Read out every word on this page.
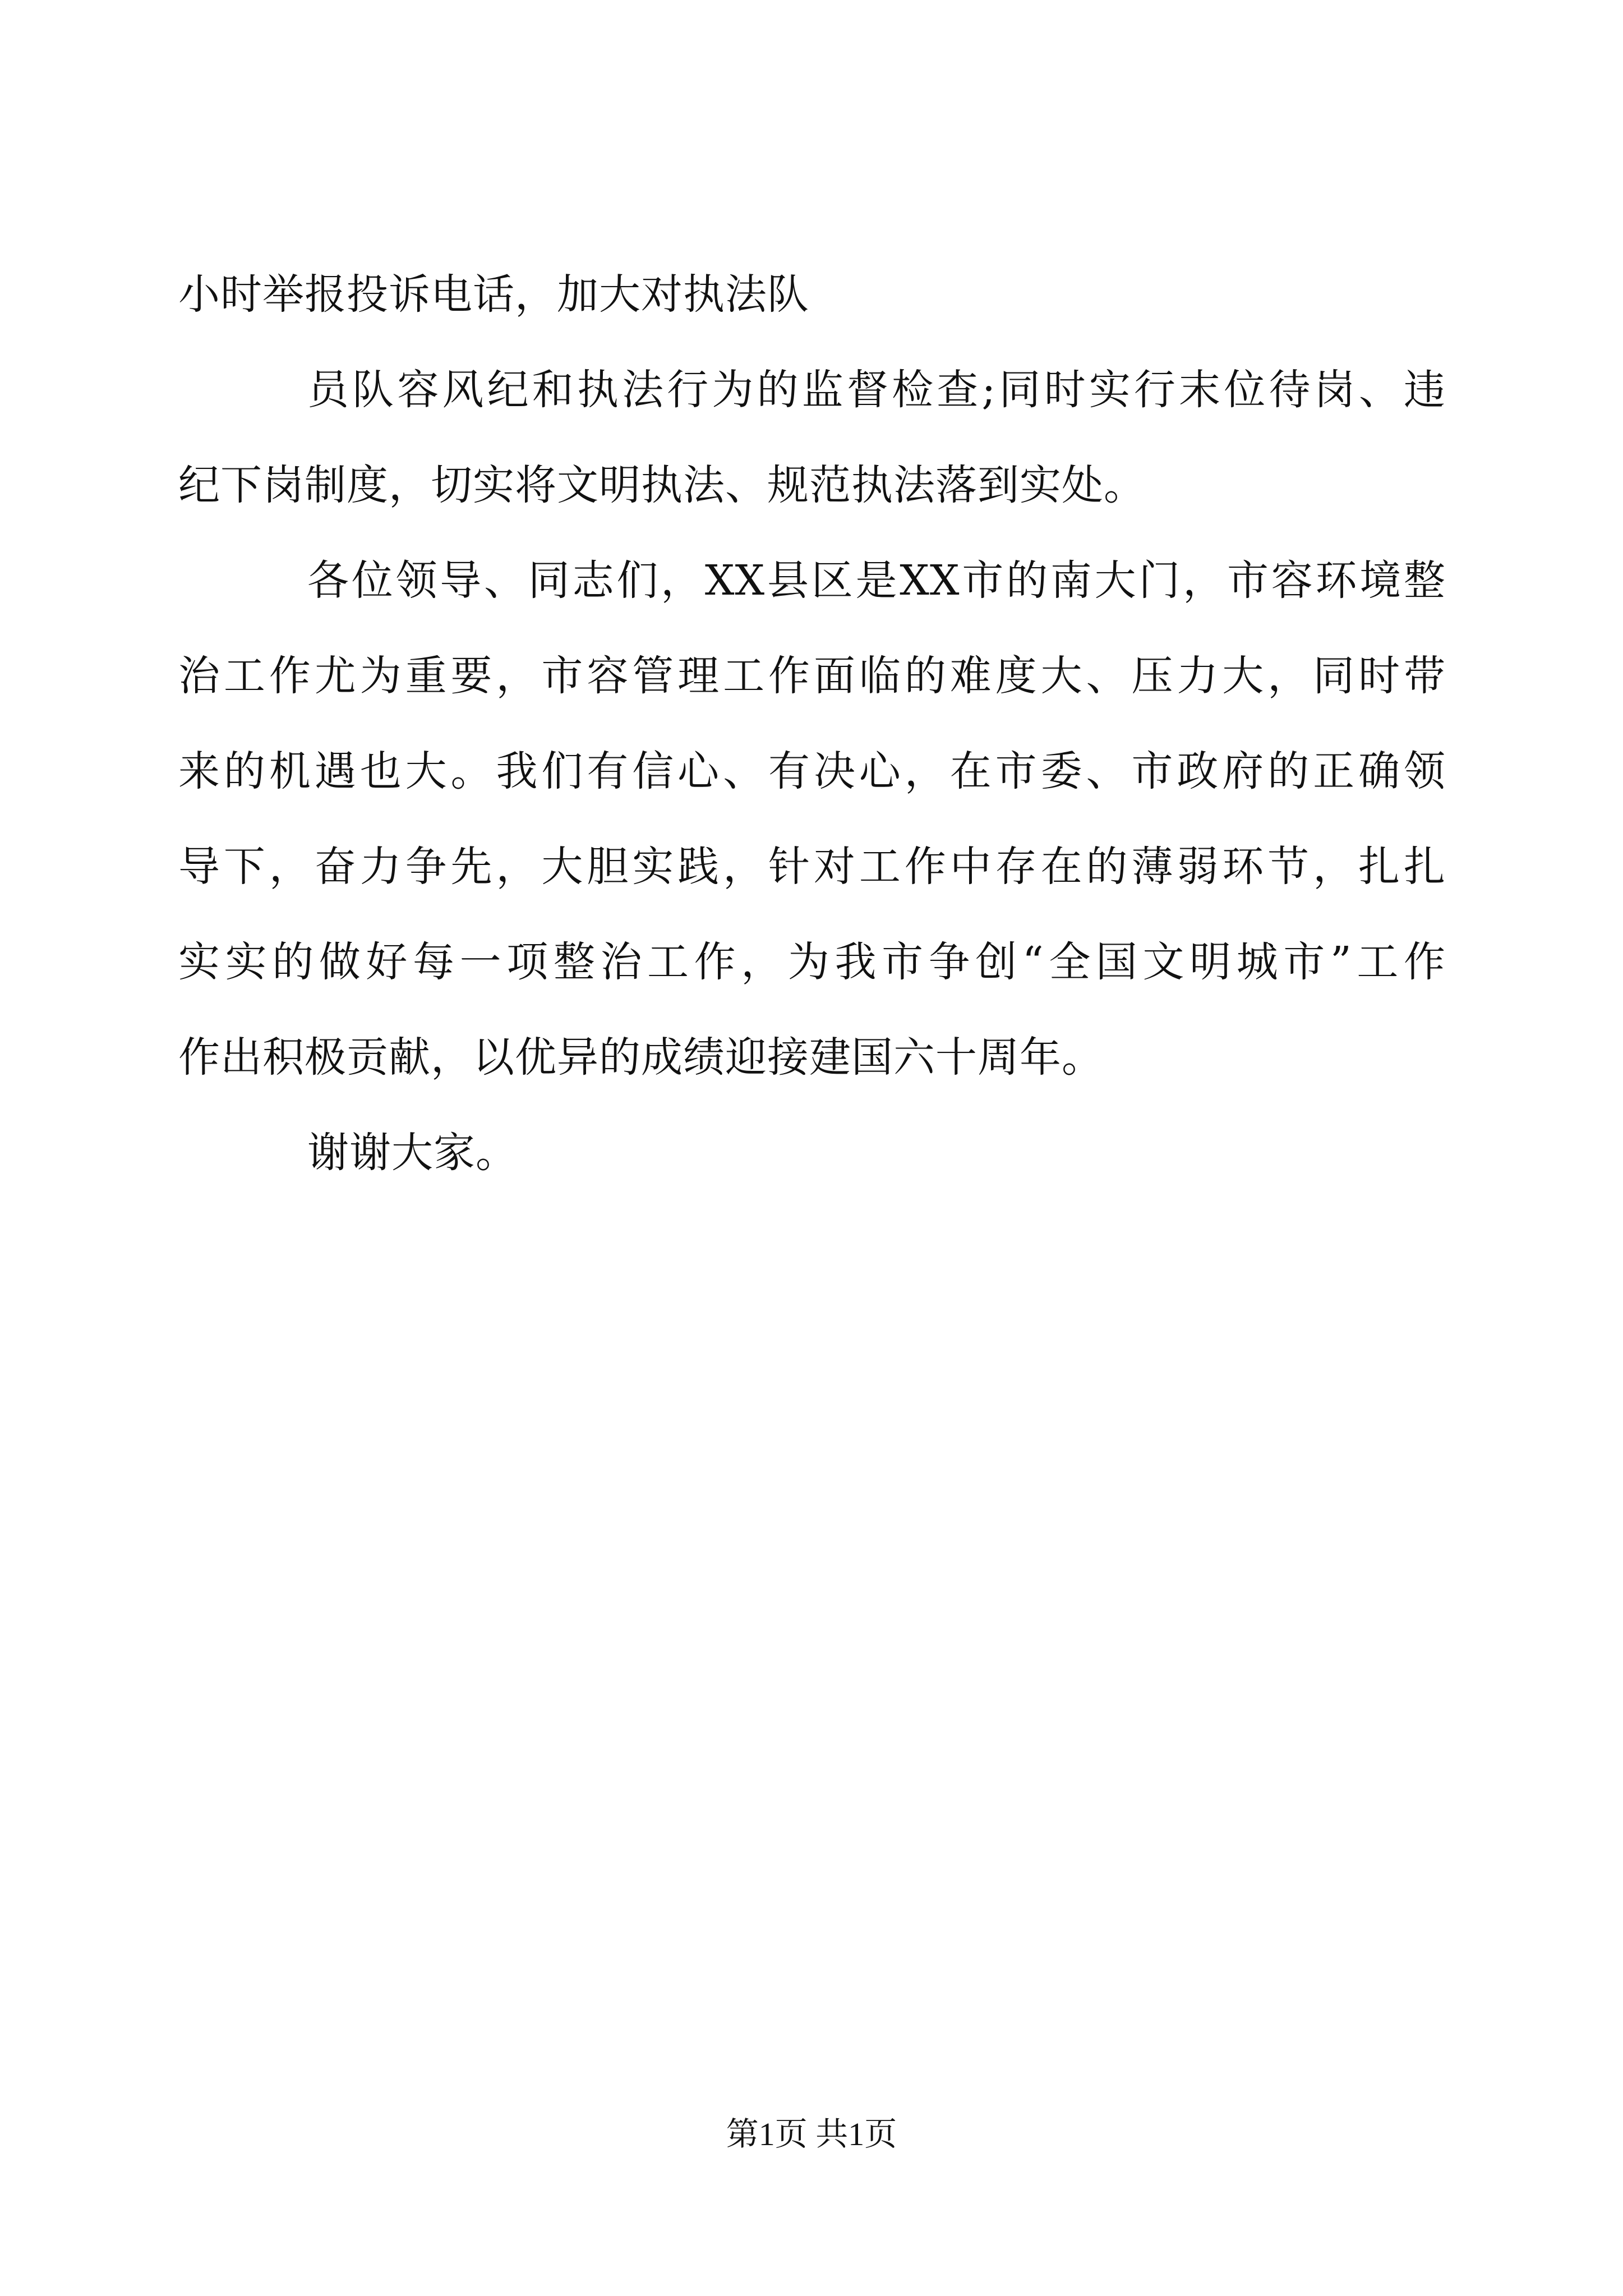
小时举报投诉电话，加大对执法队
员队容风纪和执法行为的监督检查;同时实行末位待岗、违
纪下岗制度，切实将文明执法、规范执法落到实处。
各位领导、同志们，XX县区是XX市的南大门，市容环境整
治工作尤为重要，市容管理工作面临的难度大、压力大，同时带
来的机遇也大。我们有信心、有决心，在市委、市政府的正确领
导下，奋力争先，大胆实践，针对工作中存在的薄弱环节，扎扎
实实的做好每一项整治工作，为我市争创“全国文明城市”工作
作出积极贡献，以优异的成绩迎接建国六十周年。
谢谢大家。
第1页 共1页
